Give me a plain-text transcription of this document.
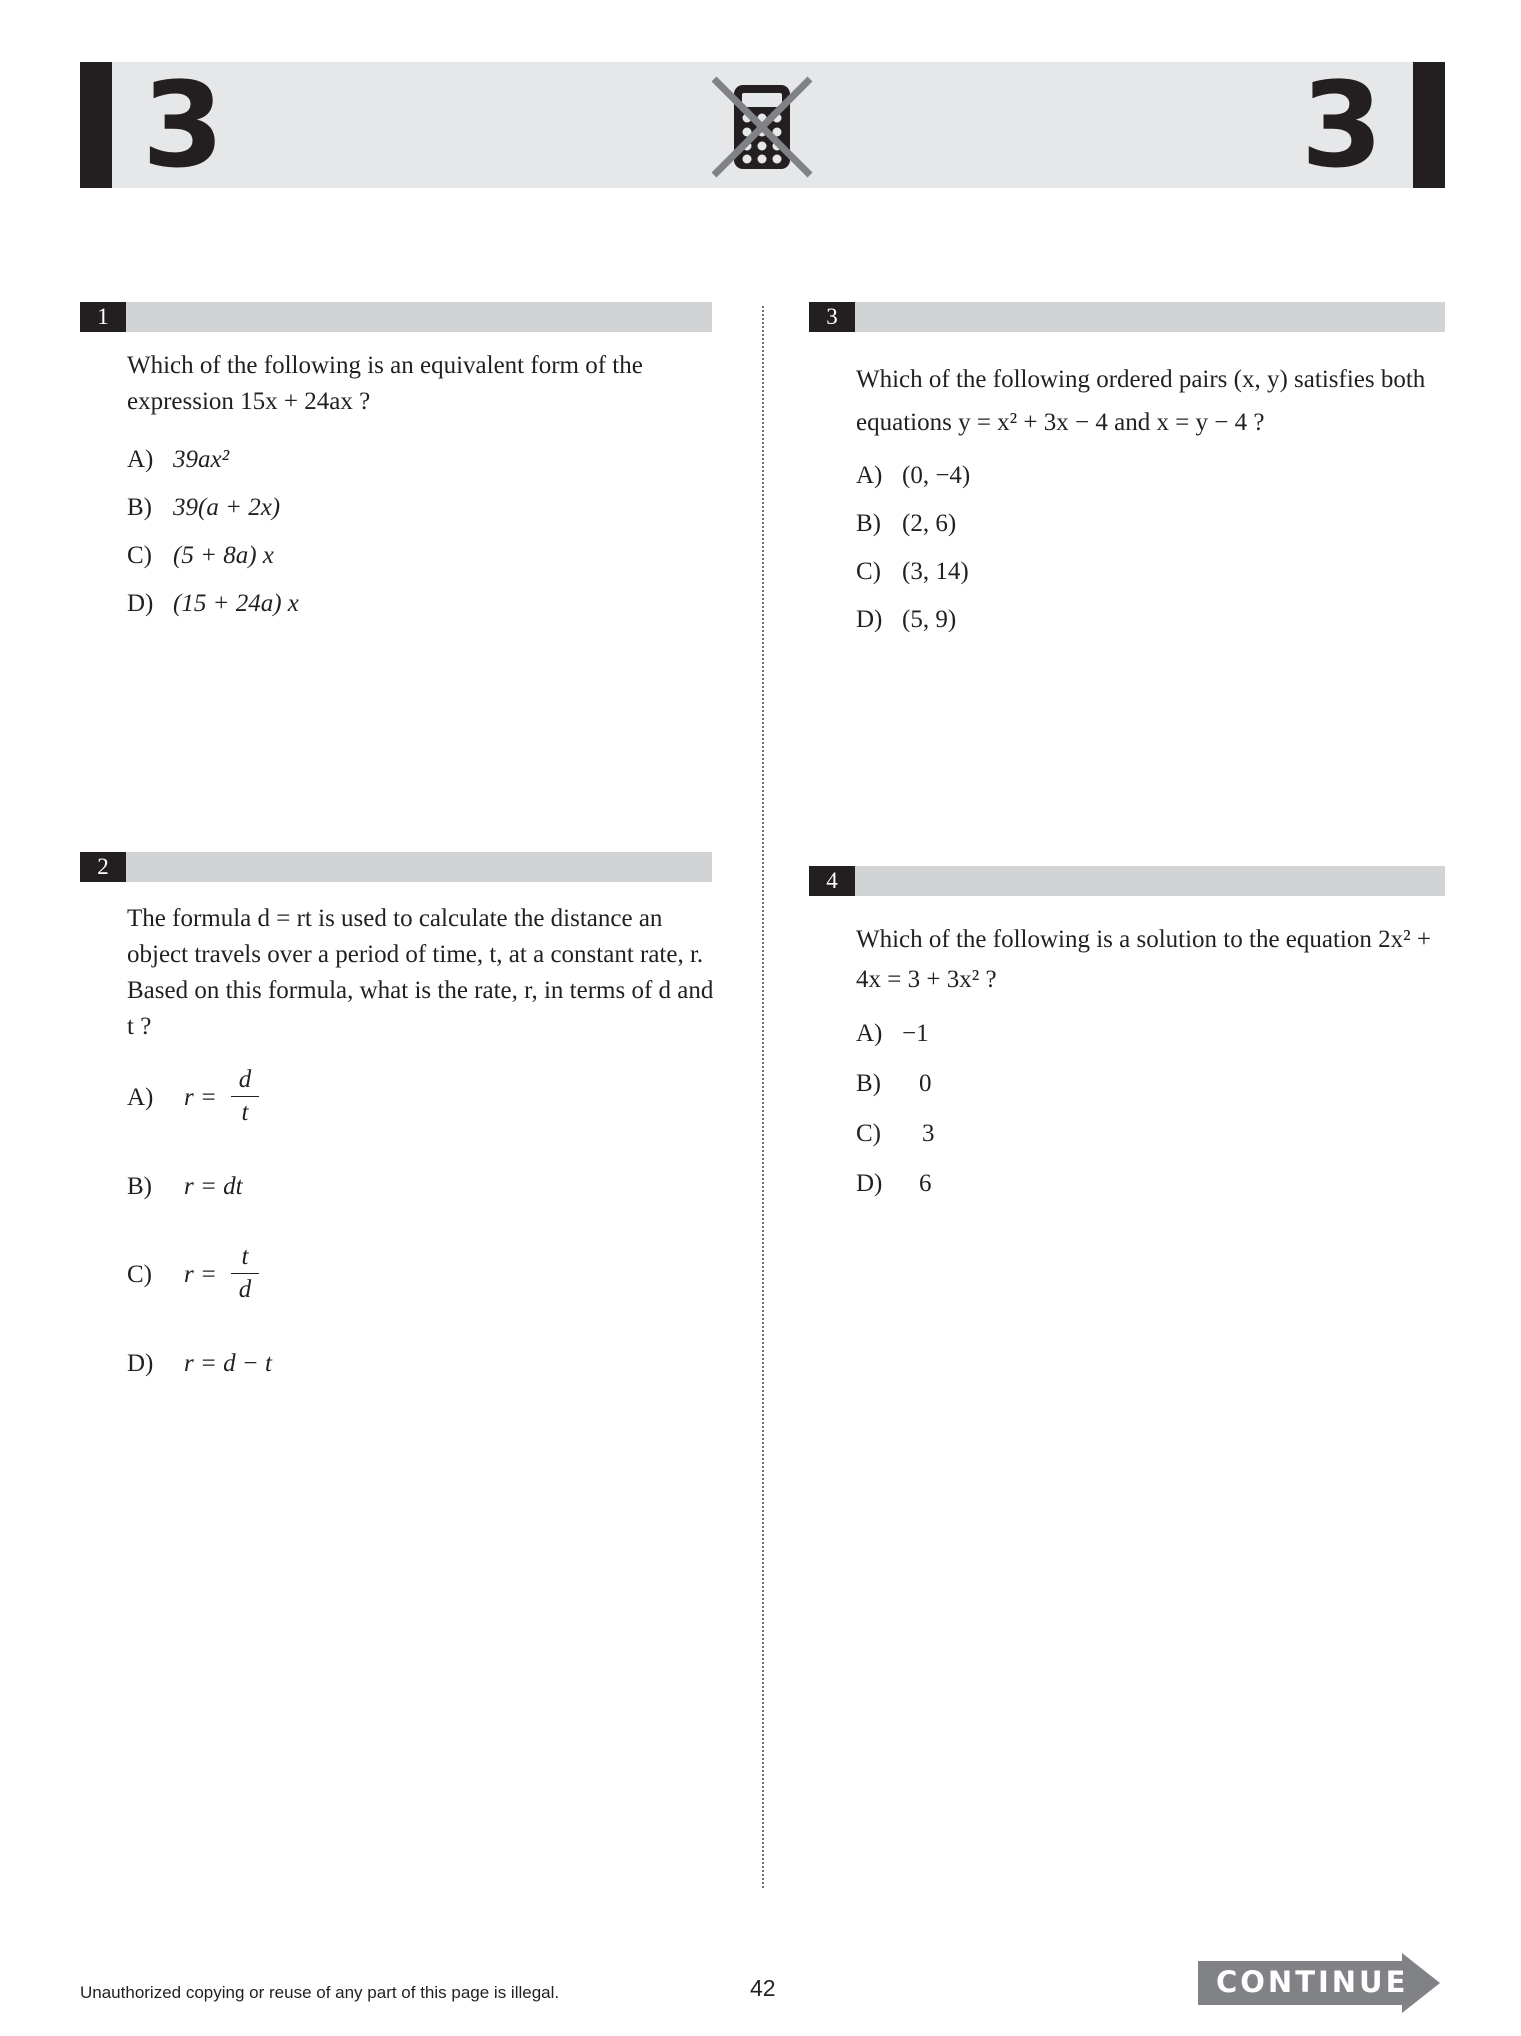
3	3
1

Which of the following is an equivalent form of the expression 15x + 24ax ?

A) 39ax²
B) 39(a + 2x)
C) (5 + 8a) x
D) (15 + 24a) x
2

The formula d = rt is used to calculate the distance an object travels over a period of time, t, at a constant rate, r. Based on this formula, what is the rate, r, in terms of d and t ?

A) r =
d
t
B) r = dt
C) r =
t
d
D) r = d − t
3

Which of the following ordered pairs (x, y) satisfies both equations y = x² + 3x − 4 and x = y − 4 ?

A) (0, −4)
B) (2, 6)
C) (3, 14)
D) (5, 9)
4

Which of the following is a solution to the equation 2x² + 4x = 3 + 3x² ?

A) −1
B) 0
C) 3
D) 6
Unauthorized copying or reuse of any part of this page is illegal.	42	CONTINUE
